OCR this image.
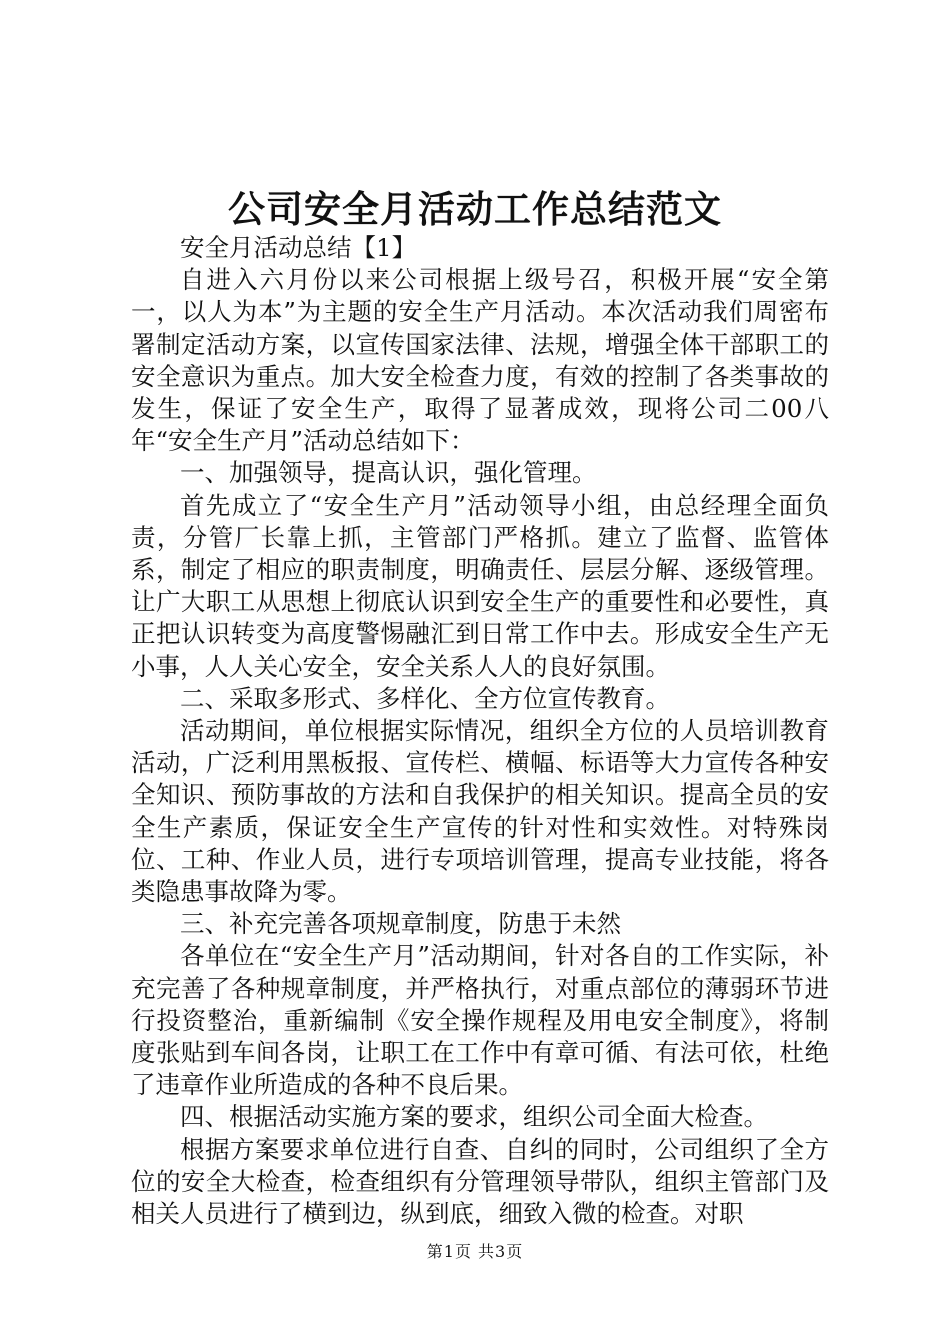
公司安全月活动工作总结范文

安全月活动总结【1】

自进入六月份以来公司根据上级号召，积极开展“安全第一，以人为本”为主题的安全生产月活动。本次活动我们周密布署制定活动方案，以宣传国家法律、法规，增强全体干部职工的安全意识为重点。加大安全检查力度，有效的控制了各类事故的发生，保证了安全生产，取得了显著成效，现将公司二00八年“安全生产月”活动总结如下：

一、加强领导，提高认识，强化管理。

首先成立了“安全生产月”活动领导小组，由总经理全面负责，分管厂长靠上抓，主管部门严格抓。建立了监督、监管体系，制定了相应的职责制度，明确责任、层层分解、逐级管理。让广大职工从思想上彻底认识到安全生产的重要性和必要性，真正把认识转变为高度警惕融汇到日常工作中去。形成安全生产无小事，人人关心安全，安全关系人人的良好氛围。

二、采取多形式、多样化、全方位宣传教育。

活动期间，单位根据实际情况，组织全方位的人员培训教育活动，广泛利用黑板报、宣传栏、横幅、标语等大力宣传各种安全知识、预防事故的方法和自我保护的相关知识。提高全员的安全生产素质，保证安全生产宣传的针对性和实效性。对特殊岗位、工种、作业人员，进行专项培训管理，提高专业技能，将各类隐患事故降为零。

三、补充完善各项规章制度，防患于未然

各单位在“安全生产月”活动期间，针对各自的工作实际，补充完善了各种规章制度，并严格执行，对重点部位的薄弱环节进行投资整治，重新编制《安全操作规程及用电安全制度》，将制度张贴到车间各岗，让职工在工作中有章可循、有法可依，杜绝了违章作业所造成的各种不良后果。

四、根据活动实施方案的要求，组织公司全面大检查。

根据方案要求单位进行自查、自纠的同时，公司组织了全方位的安全大检查，检查组织有分管理领导带队，组织主管部门及相关人员进行了横到边，纵到底，细致入微的检查。对职

第1页 共3页
